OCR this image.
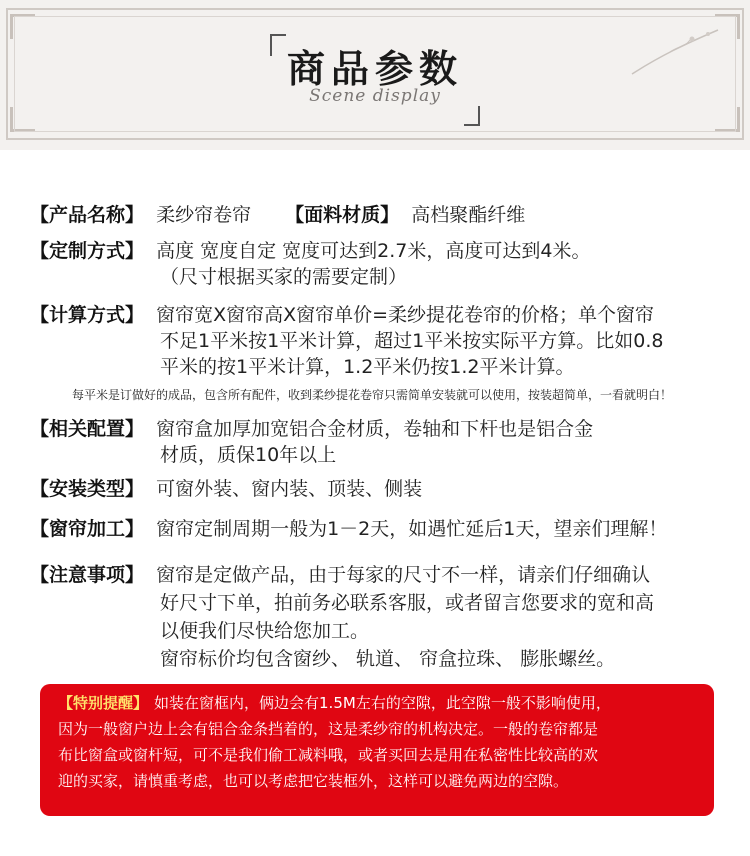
商品参数
Scene display
【产品名称】 柔纱帘卷帘 【面料材质】 高档聚酯纤维
【定制方式】 高度 宽度自定 宽度可达到2.7米，高度可达到4米。
（尺寸根据买家的需要定制）
【计算方式】 窗帘宽X窗帘高X窗帘单价=柔纱提花卷帘的价格；单个窗帘
不足1平米按1平米计算，超过1平米按实际平方算。比如0.8
平米的按1平米计算，1.2平米仍按1.2平米计算。
每平米是订做好的成品，包含所有配件，收到柔纱提花卷帘只需简单安装就可以使用，按装超简单，一看就明白！
【相关配置】 窗帘盒加厚加宽铝合金材质，卷轴和下杆也是铝合金
材质，质保10年以上
【安装类型】 可窗外装、窗内装、顶装、侧装
【窗帘加工】 窗帘定制周期一般为1－2天，如遇忙延后1天，望亲们理解！
【注意事项】 窗帘是定做产品，由于每家的尺寸不一样，请亲们仔细确认
好尺寸下单，拍前务必联系客服，或者留言您要求的宽和高
以便我们尽快给您加工。
窗帘标价均包含窗纱、 轨道、 帘盒拉珠、 膨胀螺丝。
【特别提醒】 如装在窗框内，俩边会有1.5M左右的空隙，此空隙一般不影响使用，
因为一般窗户边上会有铝合金条挡着的，这是柔纱帘的机构决定。一般的卷帘都是
布比窗盒或窗杆短，可不是我们偷工减料哦，或者买回去是用在私密性比较高的欢
迎的买家，请慎重考虑，也可以考虑把它装框外，这样可以避免两边的空隙。
